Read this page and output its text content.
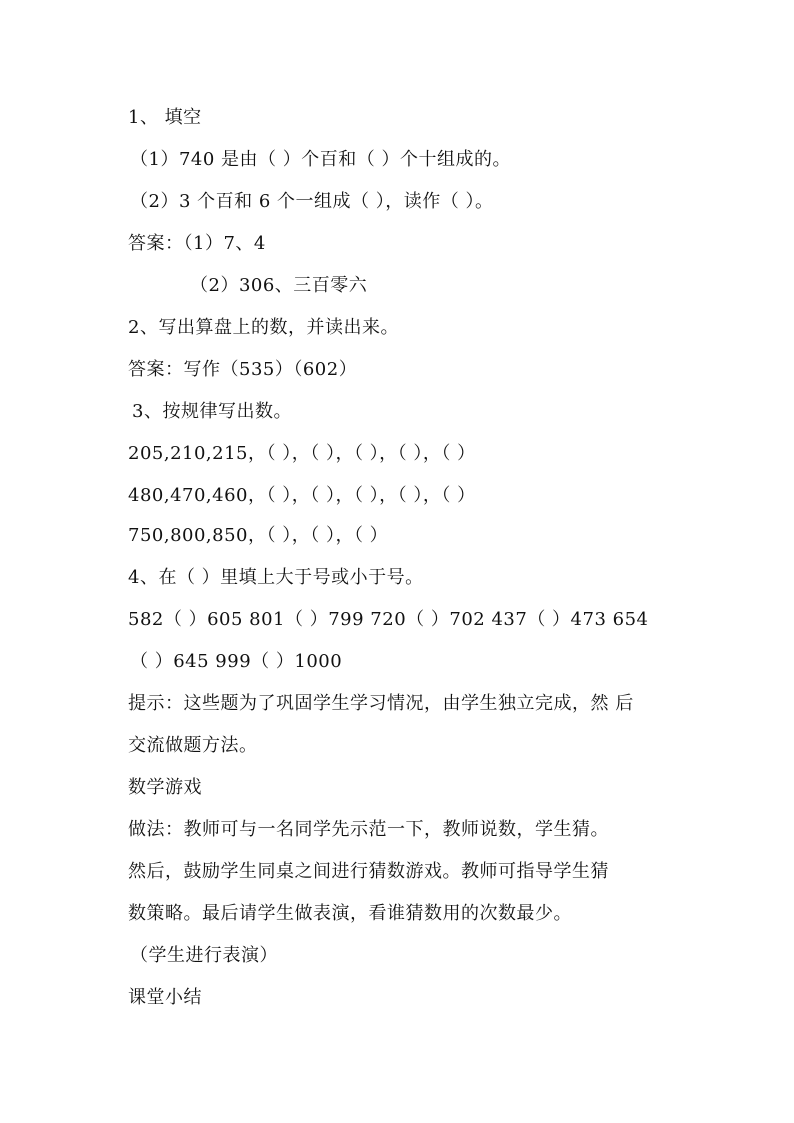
1、 填空
（1）740 是由（ ）个百和（ ）个十组成的。
（2）3 个百和 6 个一组成（ ），读作（ ）。
答案：（1）7、4
（2）306、三百零六
2、写出算盘上的数，并读出来。
答案：写作（535）（602）
3、按规律写出数。
205,210,215，（ ），（ ），（ ），（ ），（ ）
480,470,460，（ ），（ ），（ ），（ ），（ ）
750,800,850，（ ），（ ），（ ）
4、在（ ）里填上大于号或小于号。
582（ ）605 801（ ）799 720（ ）702 437（ ）473 654
（ ）645 999（ ）1000
提示：这些题为了巩固学生学习情况，由学生独立完成，然 后
交流做题方法。
数学游戏
做法：教师可与一名同学先示范一下，教师说数，学生猜。
然后，鼓励学生同桌之间进行猜数游戏。教师可指导学生猜
数策略。最后请学生做表演，看谁猜数用的次数最少。
（学生进行表演）
课堂小结
